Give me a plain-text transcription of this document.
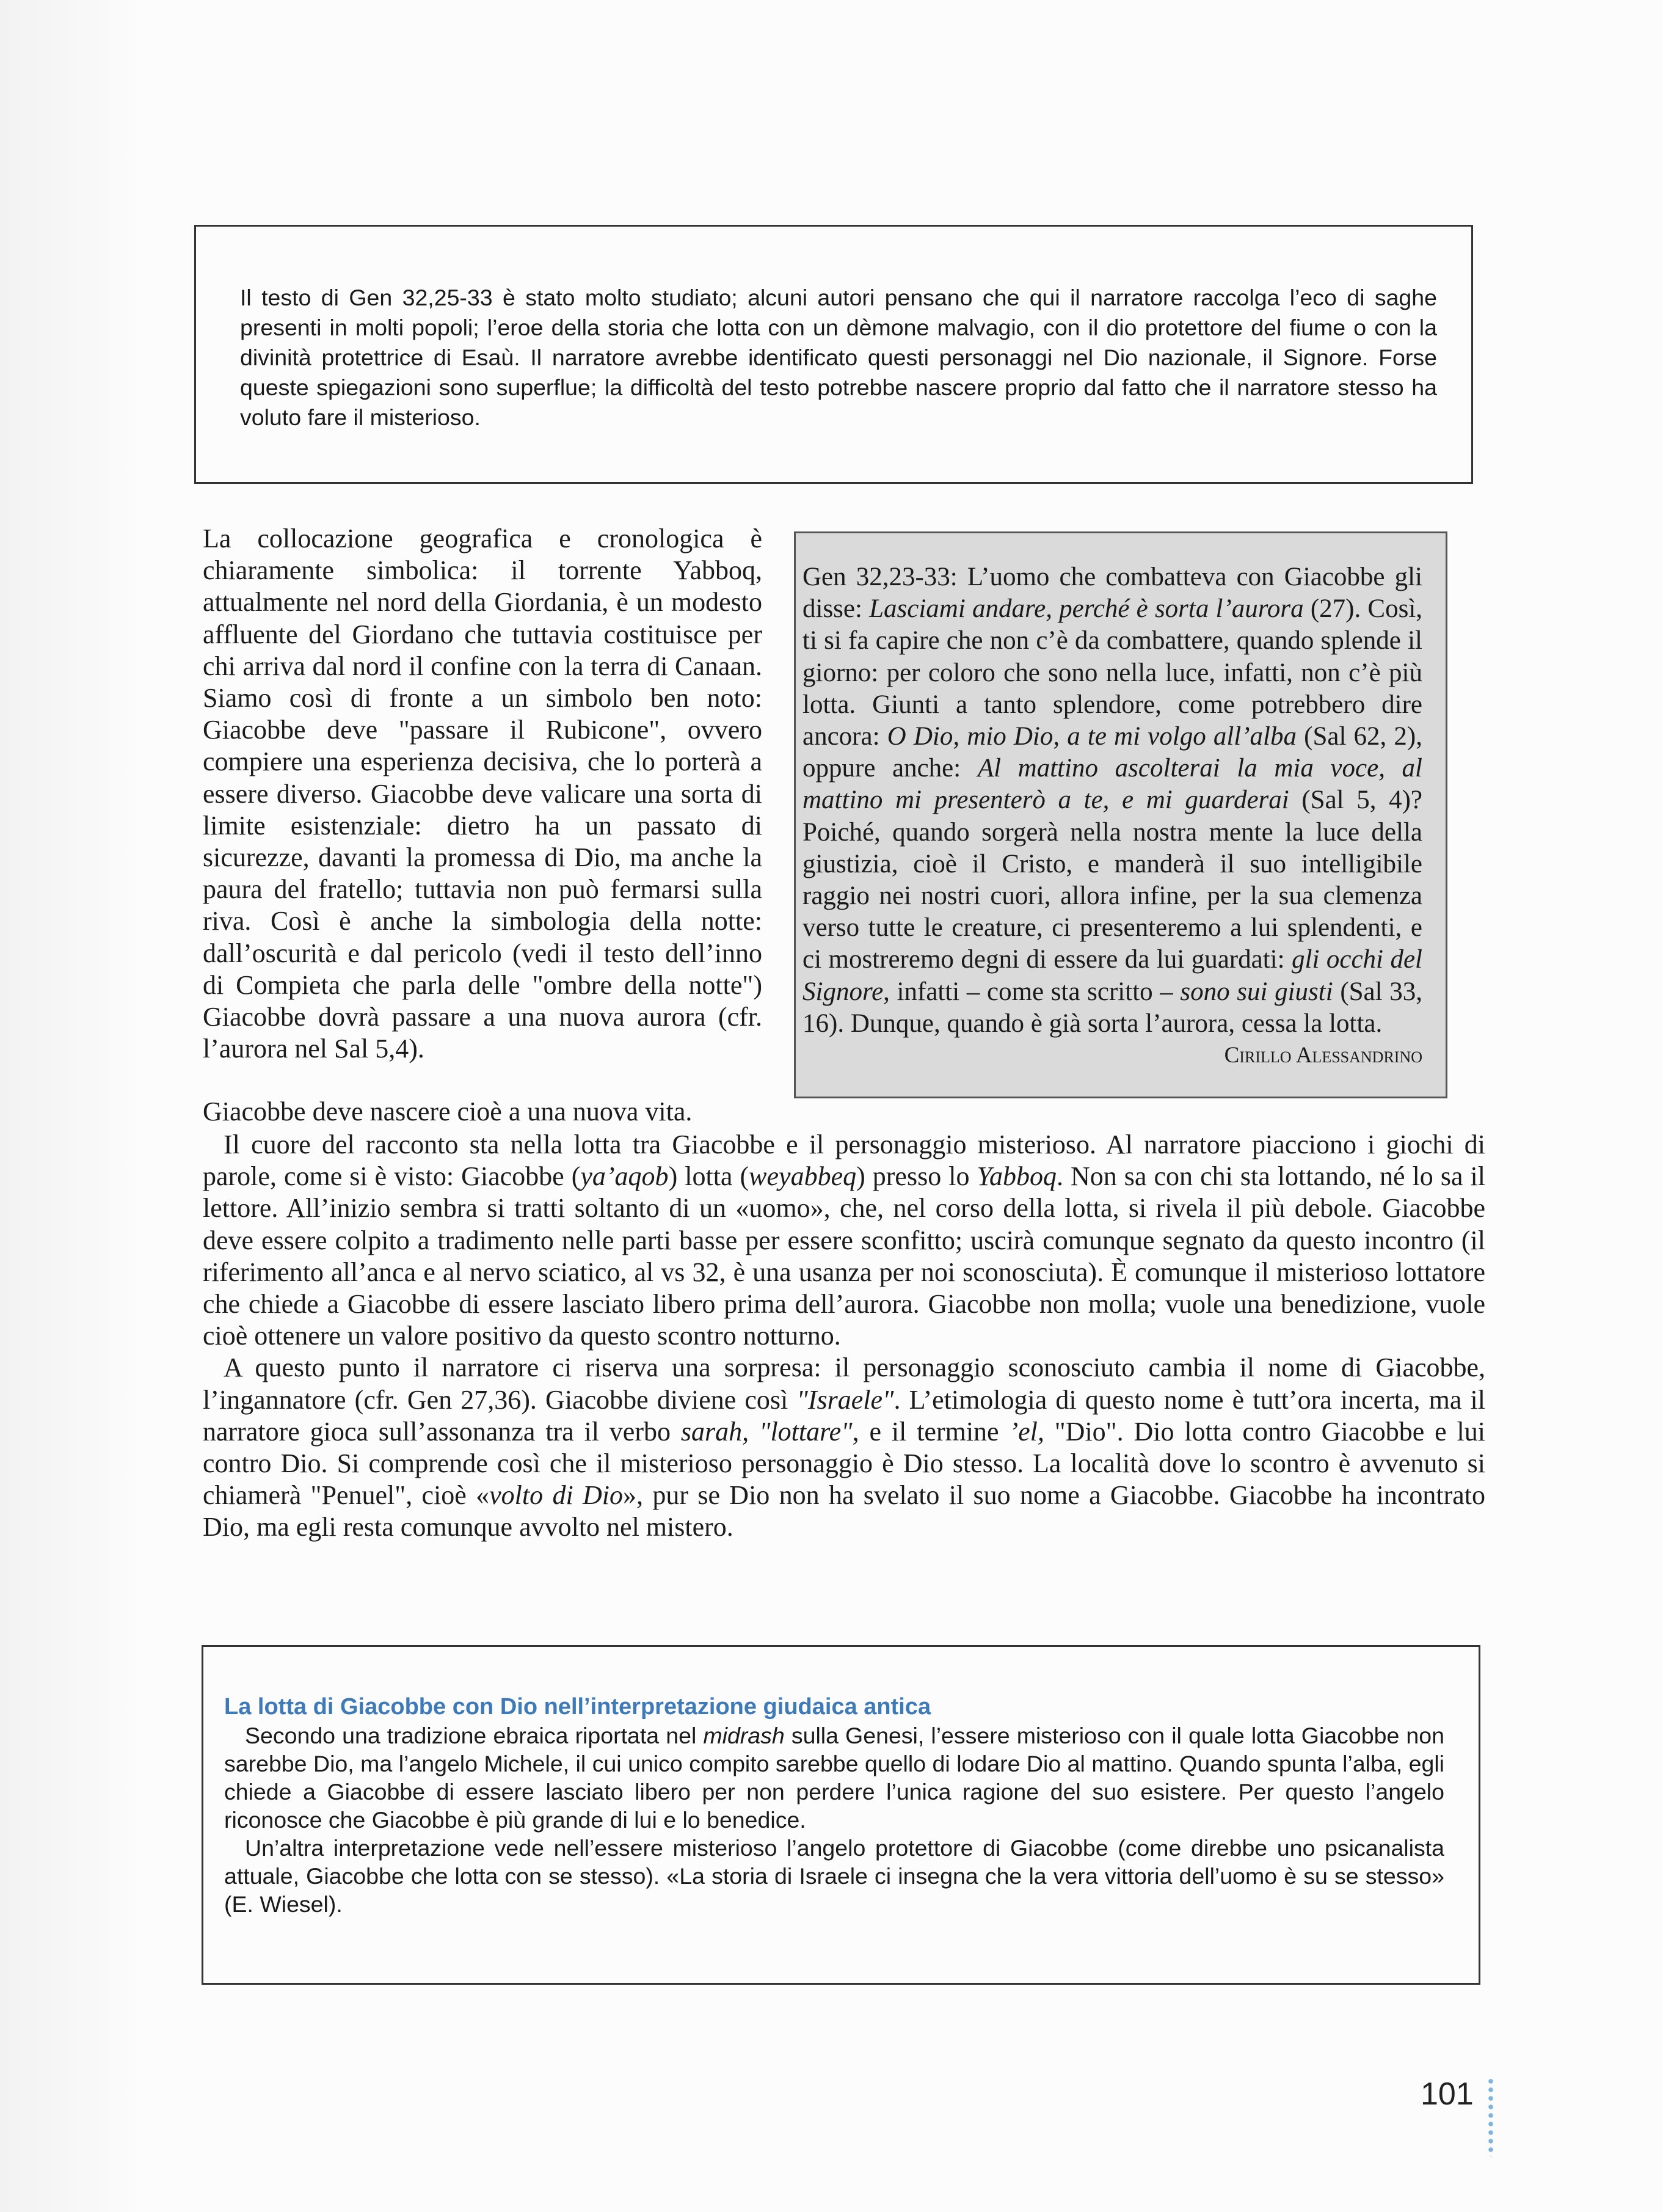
Il testo di Gen 32,25-33 è stato molto studiato; alcuni autori pensano che qui il narratore raccolga l’eco di saghe presenti in molti popoli; l’eroe della storia che lotta con un dèmone malvagio, con il dio protettore del fiume o con la divinità protettrice di Esaù. Il narratore avrebbe identificato questi personaggi nel Dio nazionale, il Signore. Forse queste spiegazioni sono superflue; la difficoltà del testo potrebbe nascere proprio dal fatto che il narratore stesso ha voluto fare il misterioso.

La collocazione geografica e cronologica è chiaramente simbolica: il torrente Yabboq, attualmente nel nord della Giordania, è un modesto affluente del Giordano che tuttavia costituisce per chi arriva dal nord il confine con la terra di Canaan. Siamo così di fronte a un simbolo ben noto: Giacobbe deve "passare il Rubicone", ovvero compiere una esperienza decisiva, che lo porterà a essere diverso. Giacobbe deve valicare una sorta di limite esistenziale: dietro ha un passato di sicurezze, davanti la promessa di Dio, ma anche la paura del fratello; tuttavia non può fermarsi sulla riva. Così è anche la simbologia della notte: dall’oscurità e dal pericolo (vedi il testo dell’inno di Compieta che parla delle "ombre della notte") Giacobbe dovrà passare a una nuova aurora (cfr. l’aurora nel Sal 5,4).

Gen 32,23-33: L’uomo che combatteva con Giacobbe gli disse: Lasciami andare, perché è sorta l’aurora (27). Così, ti si fa capire che non c’è da combattere, quando splende il giorno: per coloro che sono nella luce, infatti, non c’è più lotta. Giunti a tanto splendore, come potrebbero dire ancora: O Dio, mio Dio, a te mi volgo all’alba (Sal 62, 2), oppure anche: Al mattino ascolterai la mia voce, al mattino mi presenterò a te, e mi guarderai (Sal 5, 4)? Poiché, quando sorgerà nella nostra mente la luce della giustizia, cioè il Cristo, e manderà il suo intelligibile raggio nei nostri cuori, allora infine, per la sua clemenza verso tutte le creature, ci presenteremo a lui splendenti, e ci mostreremo degni di essere da lui guardati: gli occhi del Signore, infatti – come sta scritto – sono sui giusti (Sal 33, 16). Dunque, quando è già sorta l’aurora, cessa la lotta.
Cirillo Alessandrino

Giacobbe deve nascere cioè a una nuova vita.

Il cuore del racconto sta nella lotta tra Giacobbe e il personaggio misterioso. Al narratore piacciono i giochi di parole, come si è visto: Giacobbe (ya’aqob) lotta (weyabbeq) presso lo Yabboq. Non sa con chi sta lottando, né lo sa il lettore. All’inizio sembra si tratti soltanto di un «uomo», che, nel corso della lotta, si rivela il più debole. Giacobbe deve essere colpito a tradimento nelle parti basse per essere sconfitto; uscirà comunque segnato da questo incontro (il riferimento all’anca e al nervo sciatico, al vs 32, è una usanza per noi sconosciuta). È comunque il misterioso lottatore che chiede a Giacobbe di essere lasciato libero prima dell’aurora. Giacobbe non molla; vuole una benedizione, vuole cioè ottenere un valore positivo da questo scontro notturno.

A questo punto il narratore ci riserva una sorpresa: il personaggio sconosciuto cambia il nome di Giacobbe, l’ingannatore (cfr. Gen 27,36). Giacobbe diviene così "Israele". L’etimologia di questo nome è tutt’ora incerta, ma il narratore gioca sull’assonanza tra il verbo sarah, "lottare", e il termine ’el, "Dio". Dio lotta contro Giacobbe e lui contro Dio. Si comprende così che il misterioso personaggio è Dio stesso. La località dove lo scontro è avvenuto si chiamerà "Penuel", cioè «volto di Dio», pur se Dio non ha svelato il suo nome a Giacobbe. Giacobbe ha incontrato Dio, ma egli resta comunque avvolto nel mistero.

La lotta di Giacobbe con Dio nell’interpretazione giudaica antica

Secondo una tradizione ebraica riportata nel midrash sulla Genesi, l’essere misterioso con il quale lotta Giacobbe non sarebbe Dio, ma l’angelo Michele, il cui unico compito sarebbe quello di lodare Dio al mattino. Quando spunta l’alba, egli chiede a Giacobbe di essere lasciato libero per non perdere l’unica ragione del suo esistere. Per questo l’angelo riconosce che Giacobbe è più grande di lui e lo benedice.

Un’altra interpretazione vede nell’essere misterioso l’angelo protettore di Giacobbe (come direbbe uno psicanalista attuale, Giacobbe che lotta con se stesso). «La storia di Israele ci insegna che la vera vittoria dell’uomo è su se stesso» (E. Wiesel).

101
